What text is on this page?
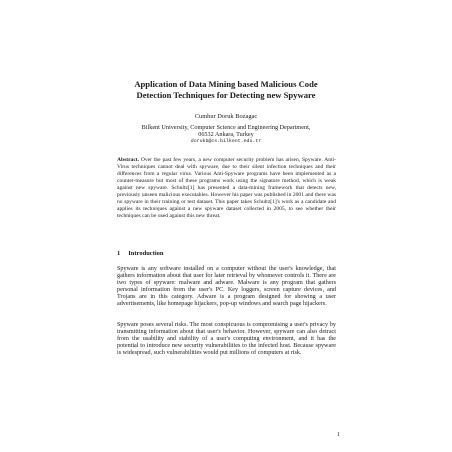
Application of Data Mining based Malicious Code
Detection Techniques for Detecting new Spyware
Cumhur Doruk Bozagac
Bilkent University, Computer Science and Engineering Department,
06532 Ankara, Turkey
dorukb@cs.bilkent.edu.tr
Abstract. Over the past few years, a new computer security problem has arisen, Spyware. Anti-Virus techniques cannot deal with spyware, due to their silent infection techniques and their differences from a regular virus. Various Anti-Spyware programs have been implemented as a counter-measure but most of these programs work using the signature method, which is weak against new spyware. Schultz[1] has presented a data-mining framework that detects new, previously unseen malicious executables. However his paper was published in 2001 and there was no spyware in their training or test dataset. This paper takes Schultz[1]'s work as a candidate and applies its techniques against a new spyware dataset collected in 2005, to see whether their techniques can be used against this new threat.
1 Introduction
Spyware is any software installed on a computer without the user's knowledge, that gathers information about that user for later retrieval by whomever controls it. There are two types of spyware: malware and adware. Malware is any program that gathers personal information from the user's PC. Key loggers, screen capture devices, and Trojans are in this category. Adware is a program designed for showing a user advertisements, like homepage hijackers, pop-up windows and search page hijackers.
Spyware poses several risks. The most conspicuous is compromising a user's privacy by transmitting information about that user's behavior. However, spyware can also detract from the usability and stability of a user's computing environment, and it has the potential to introduce new security vulnerabilities to the infected host. Because spyware is widespread, such vulnerabilities would put millions of computers at risk.
1
